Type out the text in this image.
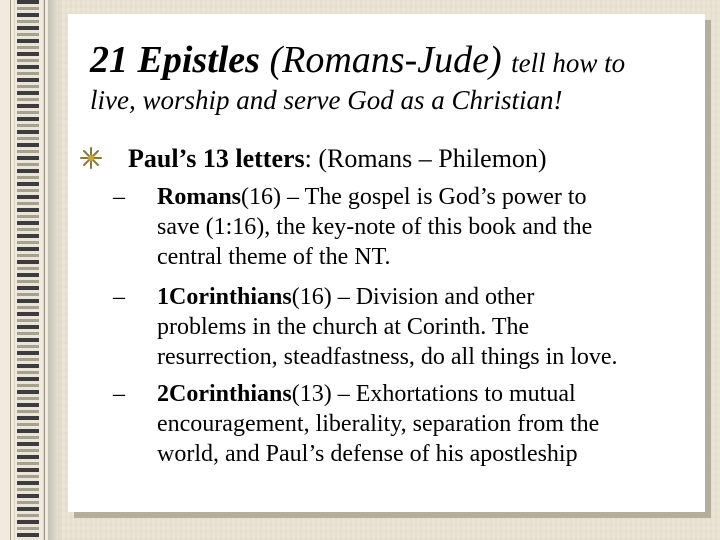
21 Epistles (Romans-Jude) tell how to
live, worship and serve God as a Christian!
Paul’s 13 letters: (Romans – Philemon)
–	Romans(16) – The gospel is God’s power to
save (1:16), the key-note of this book and the
central theme of the NT.
–	1Corinthians(16) – Division and other
problems in the church at Corinth. The
resurrection, steadfastness, do all things in love.
–	2Corinthians(13) – Exhortations to mutual
encouragement, liberality, separation from the
world, and Paul’s defense of his apostleship
